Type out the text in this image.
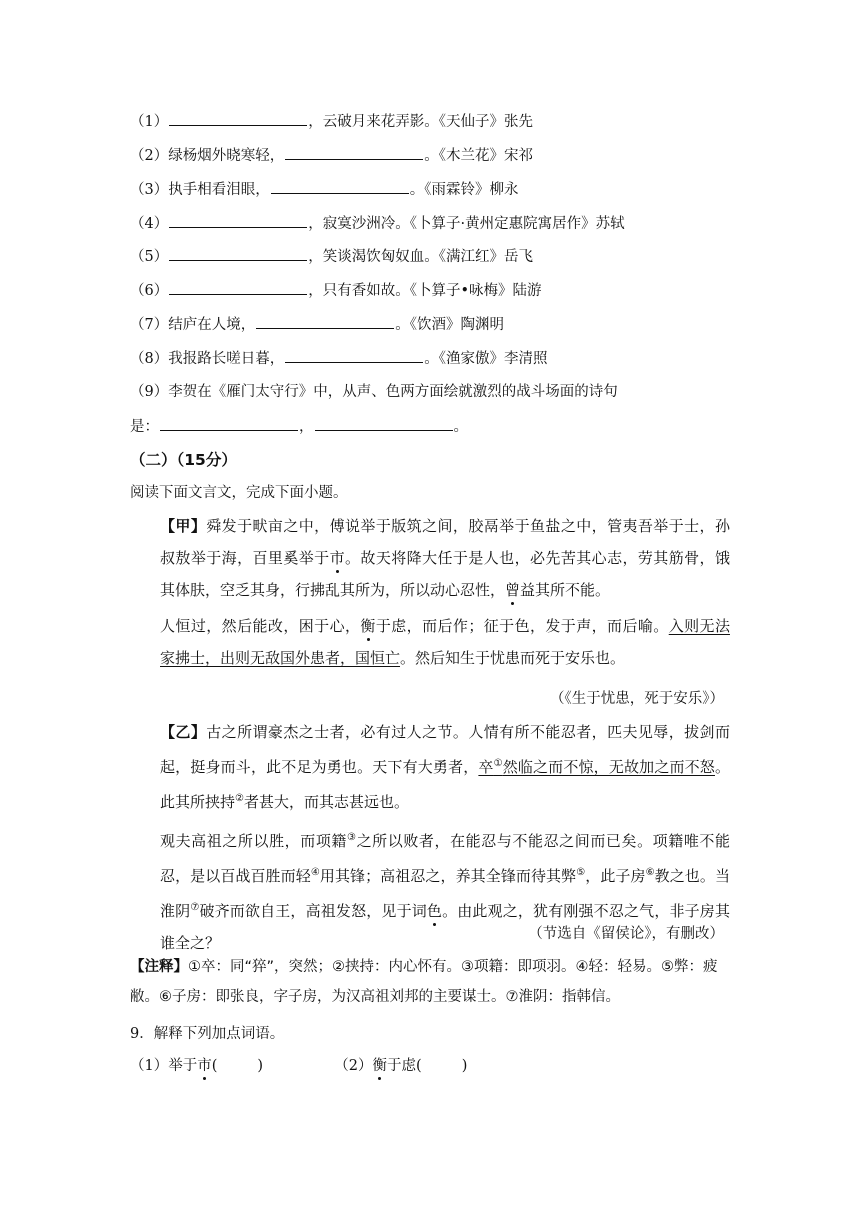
（1）	，云破月来花弄影。《天仙子》张先
（2）绿杨烟外晓寒轻，	。《木兰花》宋祁
（3）执手相看泪眼，	。《雨霖铃》柳永
（4）	，寂寞沙洲冷。《卜算子·黄州定惠院寓居作》苏轼
（5）	，笑谈渴饮匈奴血。《满江红》岳飞
（6）	，只有香如故。《卜算子•咏梅》陆游
（7）结庐在人境，	。《饮酒》陶渊明
（8）我报路长嗟日暮，	。《渔家傲》李清照
（9）李贺在《雁门太守行》中，从声、色两方面绘就激烈的战斗场面的诗句
是：	，	。
（二）（15分）
阅读下面文言文，完成下面小题。
【甲】舜发于畎亩之中，傅说举于版筑之间，胶鬲举于鱼盐之中，管夷吾举于士，孙叔敖举于海，百里奚举于市。故天将降大任于是人也，必先苦其心志，劳其筋骨，饿其体肤，空乏其身，行拂乱其所为，所以动心忍性，曾益其所不能。
人恒过，然后能改，困于心，衡于虑，而后作；征于色，发于声，而后喻。入则无法家拂士，出则无敌国外患者，国恒亡。然后知生于忧患而死于安乐也。
（《生于忧患，死于安乐》）
【乙】古之所谓豪杰之士者，必有过人之节。人情有所不能忍者，匹夫见辱，拔剑而起，挺身而斗，此不足为勇也。天下有大勇者，卒①然临之而不惊，无故加之而不怒。 此其所挟持②者甚大，而其志甚远也。
观夫高祖之所以胜，而项籍③之所以败者，在能忍与不能忍之间而已矣。项籍唯不能忍，是以百战百胜而轻④用其锋；高祖忍之，养其全锋而待其弊⑤，此子房⑥教之也。当淮阴⑦破齐而欲自王，高祖发怒，见于词色。由此观之，犹有刚强不忍之气，非子房其谁全之？	（节选自《留侯论》，有删改）
【注释】①卒：同“猝”，突然；②挟持：内心怀有。③项籍：即项羽。④轻：轻易。⑤弊：疲敝。⑥子房：即张良，字子房，为汉高祖刘邦的主要谋士。⑦淮阴：指韩信。
9．解释下列加点词语。
（1）举于市(	)	（2）衡于虑(	)
